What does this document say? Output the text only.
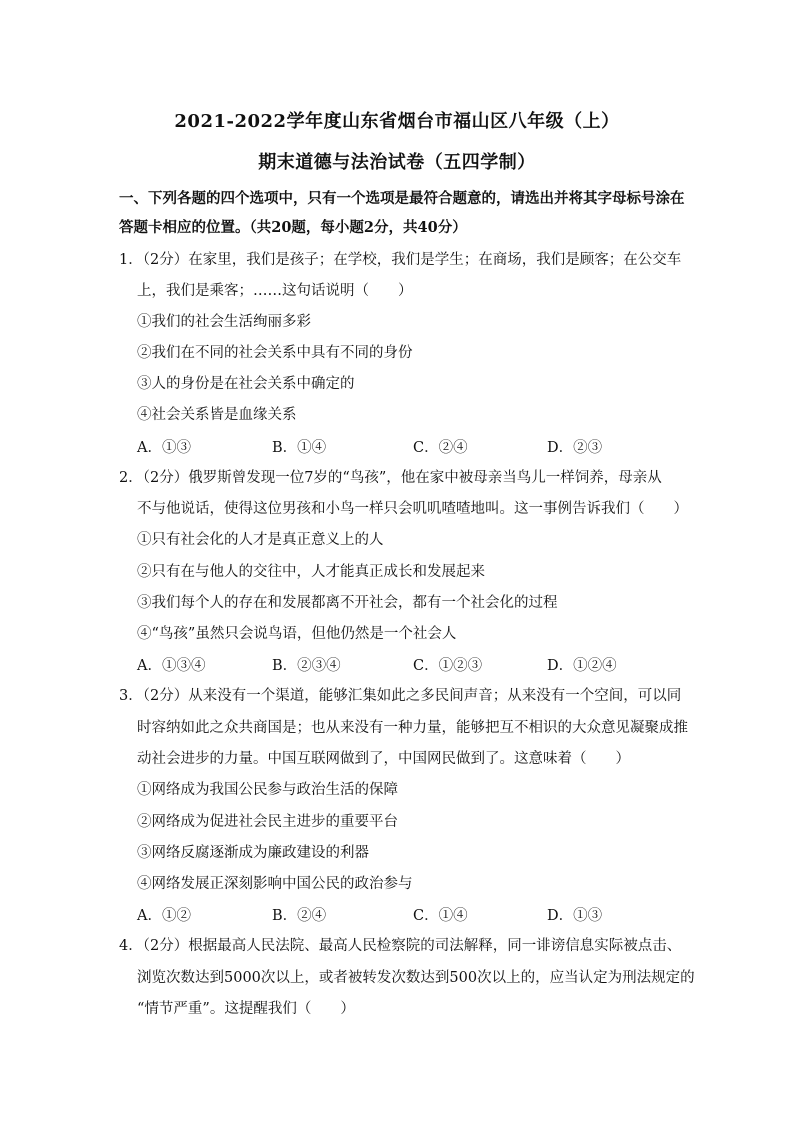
2021-2022学年度山东省烟台市福山区八年级（上）
期末道德与法治试卷（五四学制）
一、下列各题的四个选项中，只有一个选项是最符合题意的，请选出并将其字母标号涂在
答题卡相应的位置。（共20题，每小题2分，共40分）
1．（2分）在家里，我们是孩子；在学校，我们是学生；在商场，我们是顾客；在公交车
上，我们是乘客；……这句话说明（　　）
①我们的社会生活绚丽多彩
②我们在不同的社会关系中具有不同的身份
③人的身份是在社会关系中确定的
④社会关系皆是血缘关系
A．①③	B．①④	C．②④	D．②③
2．（2分）俄罗斯曾发现一位7岁的“鸟孩”，他在家中被母亲当鸟儿一样饲养，母亲从
不与他说话，使得这位男孩和小鸟一样只会叽叽喳喳地叫。这一事例告诉我们（　　）
①只有社会化的人才是真正意义上的人
②只有在与他人的交往中，人才能真正成长和发展起来
③我们每个人的存在和发展都离不开社会，都有一个社会化的过程
④“鸟孩”虽然只会说鸟语，但他仍然是一个社会人
A．①③④	B．②③④	C．①②③	D．①②④
3．（2分）从来没有一个渠道，能够汇集如此之多民间声音；从来没有一个空间，可以同
时容纳如此之众共商国是；也从来没有一种力量，能够把互不相识的大众意见凝聚成推
动社会进步的力量。中国互联网做到了，中国网民做到了。这意味着（　　）
①网络成为我国公民参与政治生活的保障
②网络成为促进社会民主进步的重要平台
③网络反腐逐渐成为廉政建设的利器
④网络发展正深刻影响中国公民的政治参与
A．①②	B．②④	C．①④	D．①③
4．（2分）根据最高人民法院、最高人民检察院的司法解释，同一诽谤信息实际被点击、
浏览次数达到5000次以上，或者被转发次数达到500次以上的，应当认定为刑法规定的
“情节严重”。这提醒我们（　　）
